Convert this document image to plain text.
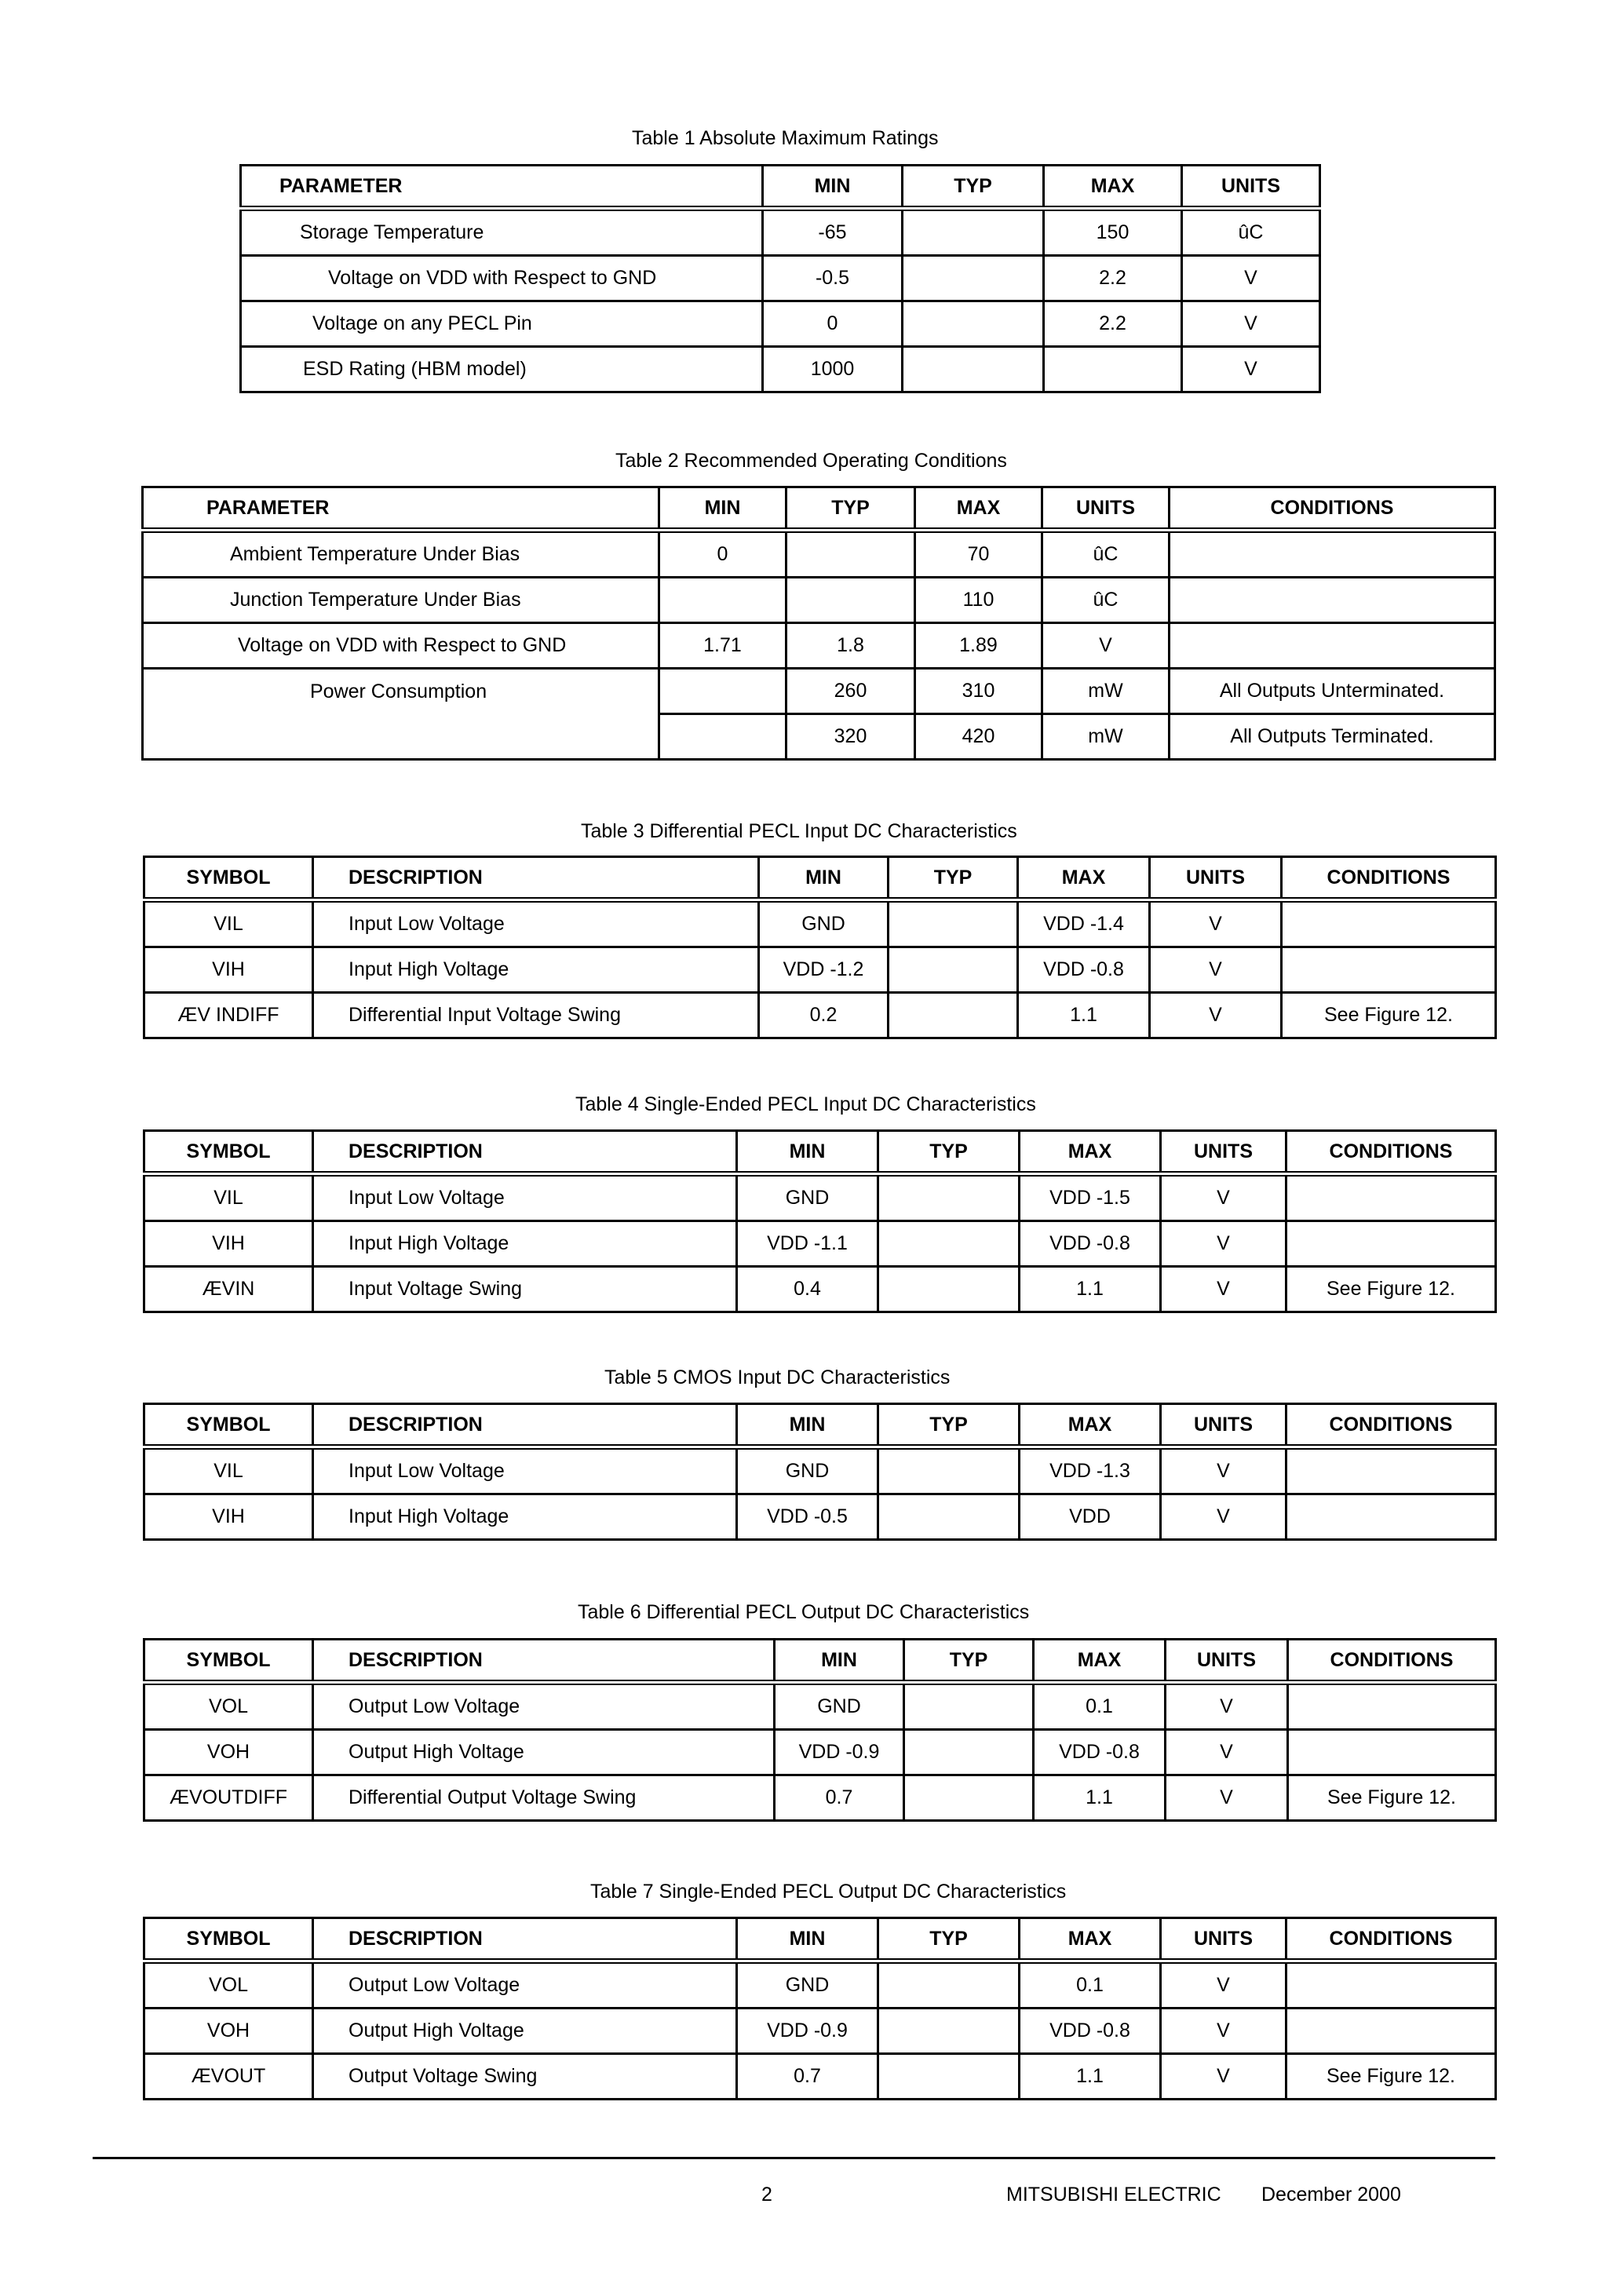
Table 1 Absolute Maximum Ratings
PARAMETER	MIN	TYP	MAX	UNITS
Storage Temperature	-65		150	ûC
Voltage on VDD with Respect to GND	-0.5		2.2	V
Voltage on any PECL Pin	0		2.2	V
ESD Rating (HBM model)	1000			V
Table 2 Recommended Operating Conditions
PARAMETER	MIN	TYP	MAX	UNITS	CONDITIONS
Ambient Temperature Under Bias	0		70	ûC	
Junction Temperature Under Bias			110	ûC	
Voltage on VDD with Respect to GND	1.71	1.8	1.89	V	
Power Consumption		260	310	mW	All Outputs Unterminated.
		320	420	mW	All Outputs Terminated.
Table 3 Differential PECL Input DC Characteristics
SYMBOL	DESCRIPTION	MIN	TYP	MAX	UNITS	CONDITIONS
VIL	Input Low Voltage	GND		VDD -1.4	V	
VIH	Input High Voltage	VDD -1.2		VDD -0.8	V	
ÆV INDIFF	Differential Input Voltage Swing	0.2		1.1	V	See Figure 12.
Table 4 Single-Ended PECL Input DC Characteristics
SYMBOL	DESCRIPTION	MIN	TYP	MAX	UNITS	CONDITIONS
VIL	Input Low Voltage	GND		VDD -1.5	V	
VIH	Input High Voltage	VDD -1.1		VDD -0.8	V	
ÆVIN	Input Voltage Swing	0.4		1.1	V	See Figure 12.
Table 5 CMOS Input DC Characteristics
SYMBOL	DESCRIPTION	MIN	TYP	MAX	UNITS	CONDITIONS
VIL	Input Low Voltage	GND		VDD -1.3	V	
VIH	Input High Voltage	VDD -0.5		VDD	V	
Table 6 Differential PECL Output DC Characteristics
SYMBOL	DESCRIPTION	MIN	TYP	MAX	UNITS	CONDITIONS
VOL	Output Low Voltage	GND		0.1	V	
VOH	Output High Voltage	VDD -0.9		VDD -0.8	V	
ÆVOUTDIFF	Differential Output Voltage Swing	0.7		1.1	V	See Figure 12.
Table 7 Single-Ended PECL Output DC Characteristics
SYMBOL	DESCRIPTION	MIN	TYP	MAX	UNITS	CONDITIONS
VOL	Output Low Voltage	GND		0.1	V	
VOH	Output High Voltage	VDD -0.9		VDD -0.8	V	
ÆVOUT	Output Voltage Swing	0.7		1.1	V	See Figure 12.
2	MITSUBISHI ELECTRIC December 2000
